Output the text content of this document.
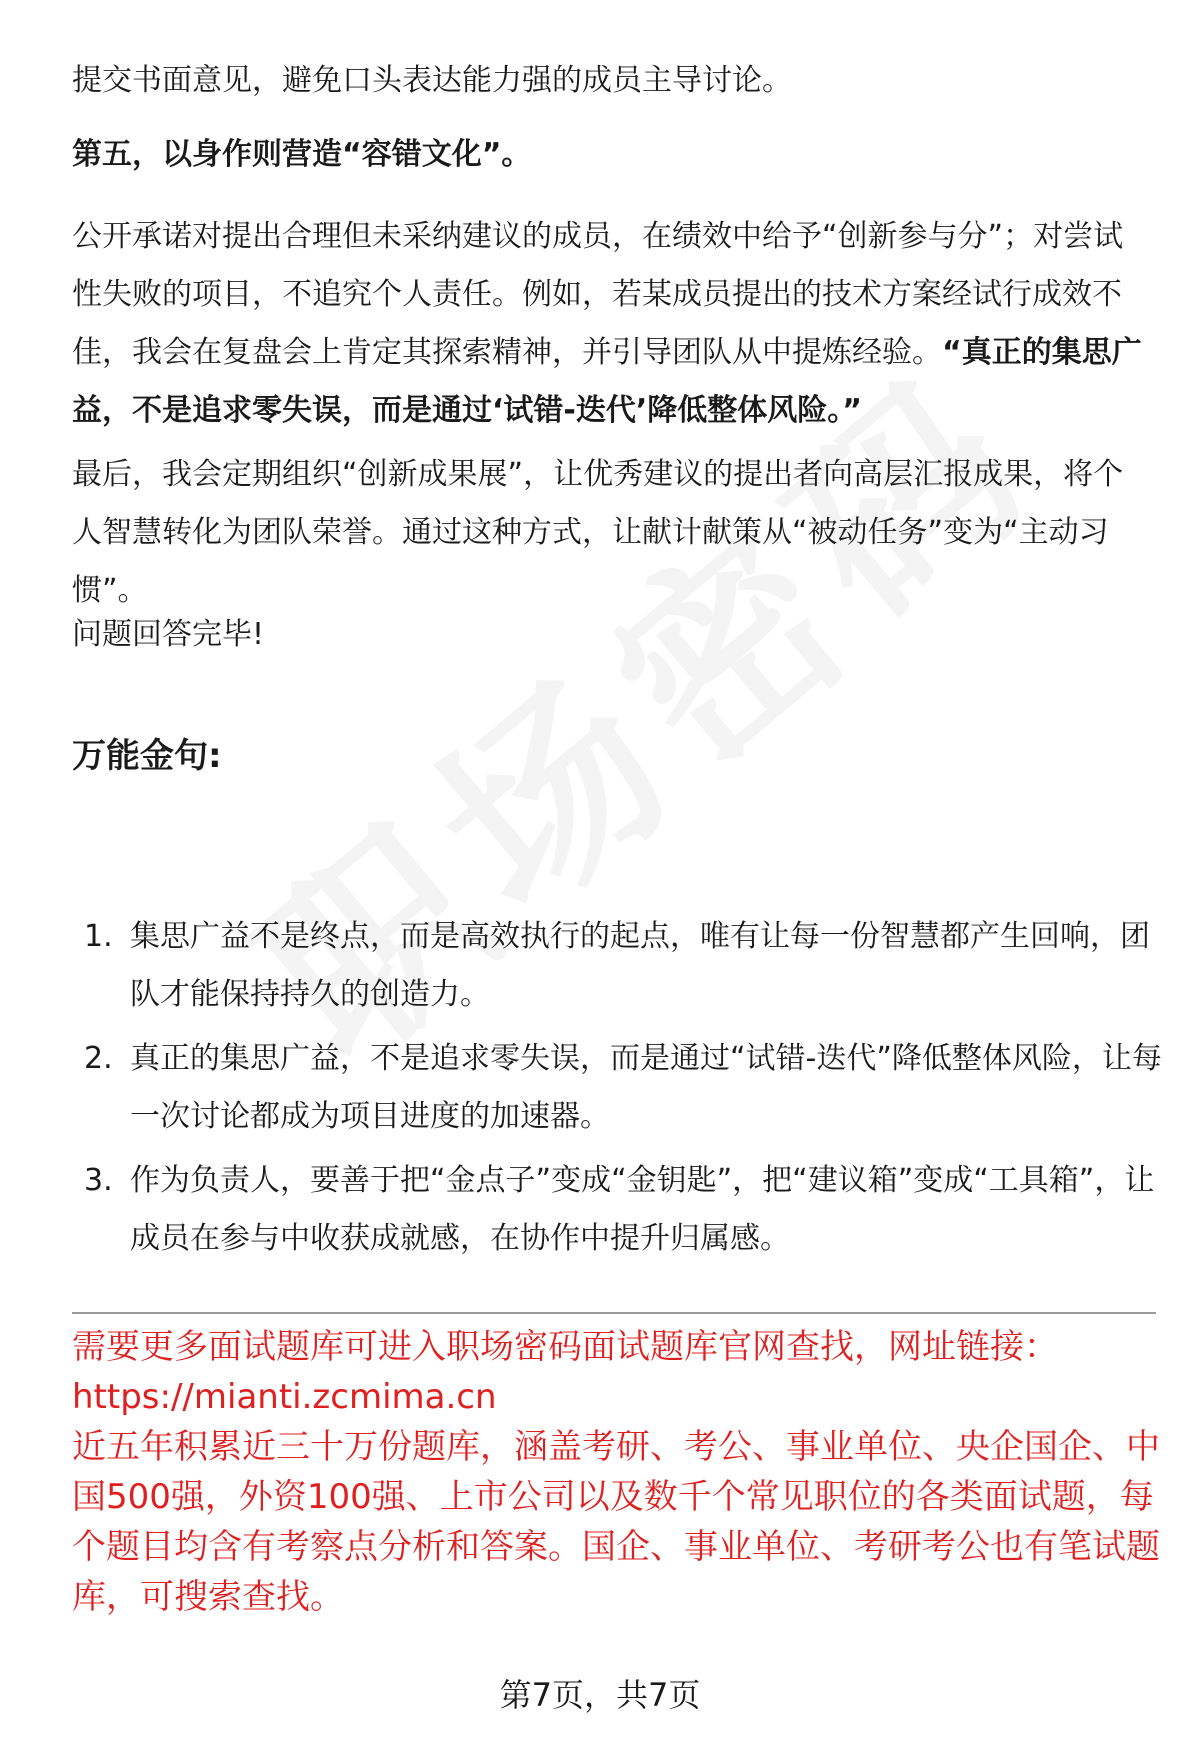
提交书面意见，避免口头表达能力强的成员主导讨论。

第五，以身作则营造“容错文化”。

公开承诺对提出合理但未采纳建议的成员，在绩效中给予“创新参与分”；对尝试性失败的项目，不追究个人责任。例如，若某成员提出的技术方案经试行成效不佳，我会在复盘会上肯定其探索精神，并引导团队从中提炼经验。“真正的集思广益，不是追求零失误，而是通过‘试错-迭代’降低整体风险。”

最后，我会定期组织“创新成果展”，让优秀建议的提出者向高层汇报成果，将个人智慧转化为团队荣誉。通过这种方式，让献计献策从“被动任务”变为“主动习惯”。

问题回答完毕!

万能金句:
1. 集思广益不是终点，而是高效执行的起点，唯有让每一份智慧都产生回响，团队才能保持持久的创造力。
2. 真正的集思广益，不是追求零失误，而是通过“试错-迭代”降低整体风险，让每一次讨论都成为项目进度的加速器。
3. 作为负责人，要善于把“金点子”变成“金钥匙”，把“建议箱”变成“工具箱”，让成员在参与中收获成就感，在协作中提升归属感。
需要更多面试题库可进入职场密码面试题库官网查找，网址链接：
https://mianti.zcmima.cn
近五年积累近三十万份题库，涵盖考研、考公、事业单位、央企国企、中国500强，外资100强、上市公司以及数千个常见职位的各类面试题，每个题目均含有考察点分析和答案。国企、事业单位、考研考公也有笔试题库，可搜索查找。
第7页，共7页
